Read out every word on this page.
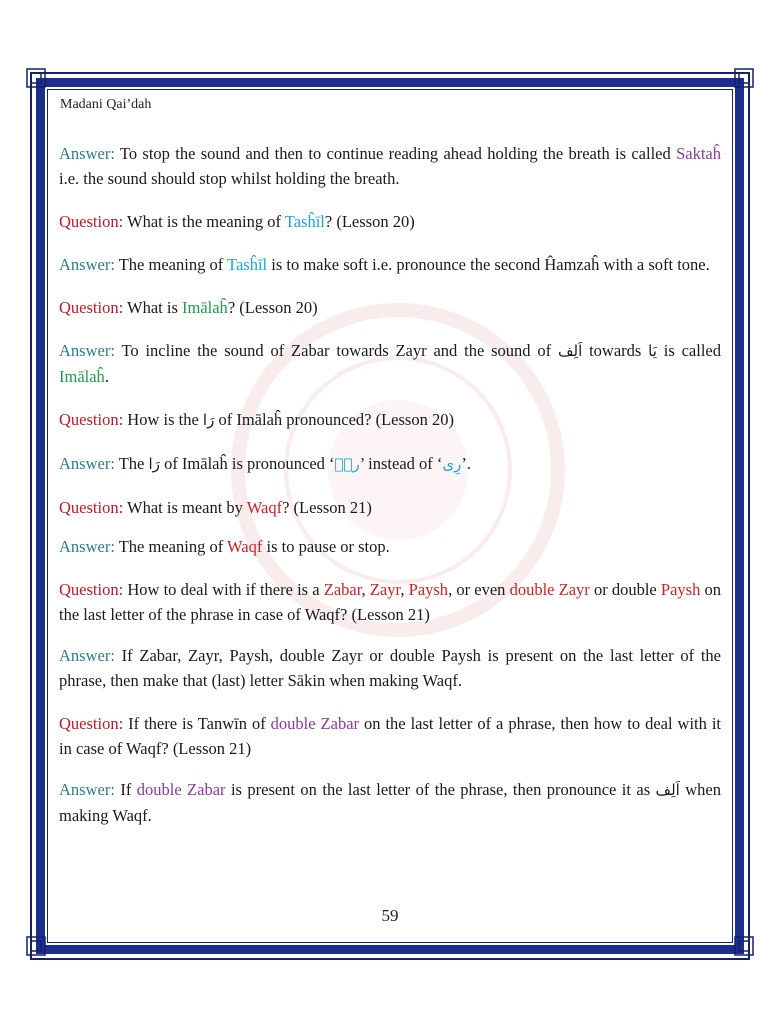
Madani Qai’dah

Answer: To stop the sound and then to continue reading ahead holding the breath is called Saktaĥ i.e. the sound should stop whilst holding the breath.

Question: What is the meaning of Tasĥīl? (Lesson 20)

Answer: The meaning of Tasĥīl is to make soft i.e. pronounce the second Ĥamzaĥ with a soft tone.

Question: What is Imālaĥ? (Lesson 20)

Answer: To incline the sound of Zabar towards Zayr and the sound of اَلِف towards یَا is called Imālaĥ.

Question: How is the رَا of Imālaĥ pronounced? (Lesson 20)

Answer: The رَا of Imālaĥ is pronounced ‘رٖے’ instead of ‘رِی’.

Question: What is meant by Waqf? (Lesson 21)

Answer: The meaning of Waqf is to pause or stop.

Question: How to deal with if there is a Zabar, Zayr, Paysh, or even double Zayr or double Paysh on the last letter of the phrase in case of Waqf? (Lesson 21)

Answer: If Zabar, Zayr, Paysh, double Zayr or double Paysh is present on the last letter of the phrase, then make that (last) letter Sākin when making Waqf.

Question: If there is Tanwīn of double Zabar on the last letter of a phrase, then how to deal with it in case of Waqf? (Lesson 21)

Answer: If double Zabar is present on the last letter of the phrase, then pronounce it as اَلِف when making Waqf.

59
